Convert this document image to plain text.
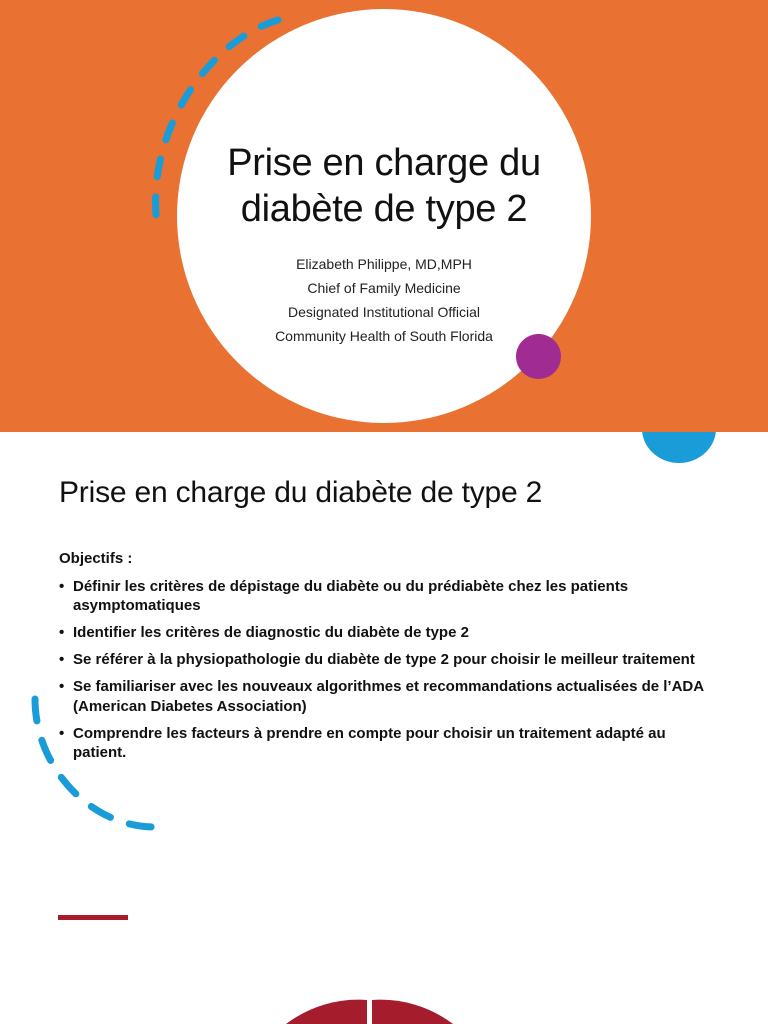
Prise en charge du diabète de type 2
Elizabeth Philippe, MD,MPH
Chief of Family Medicine
Designated Institutional Official
Community Health of South Florida
Prise en charge du diabète de type 2
Objectifs :
• Définir les critères de dépistage du diabète ou du prédiabète chez les patients asymptomatiques
• Identifier les critères de diagnostic du diabète de type 2
• Se référer à la physiopathologie du diabète de type 2 pour choisir le meilleur traitement
• Se familiariser avec les nouveaux algorithmes et recommandations actualisées de l’ADA (American Diabetes Association)
• Comprendre les facteurs à prendre en compte pour choisir un traitement adapté au patient.
